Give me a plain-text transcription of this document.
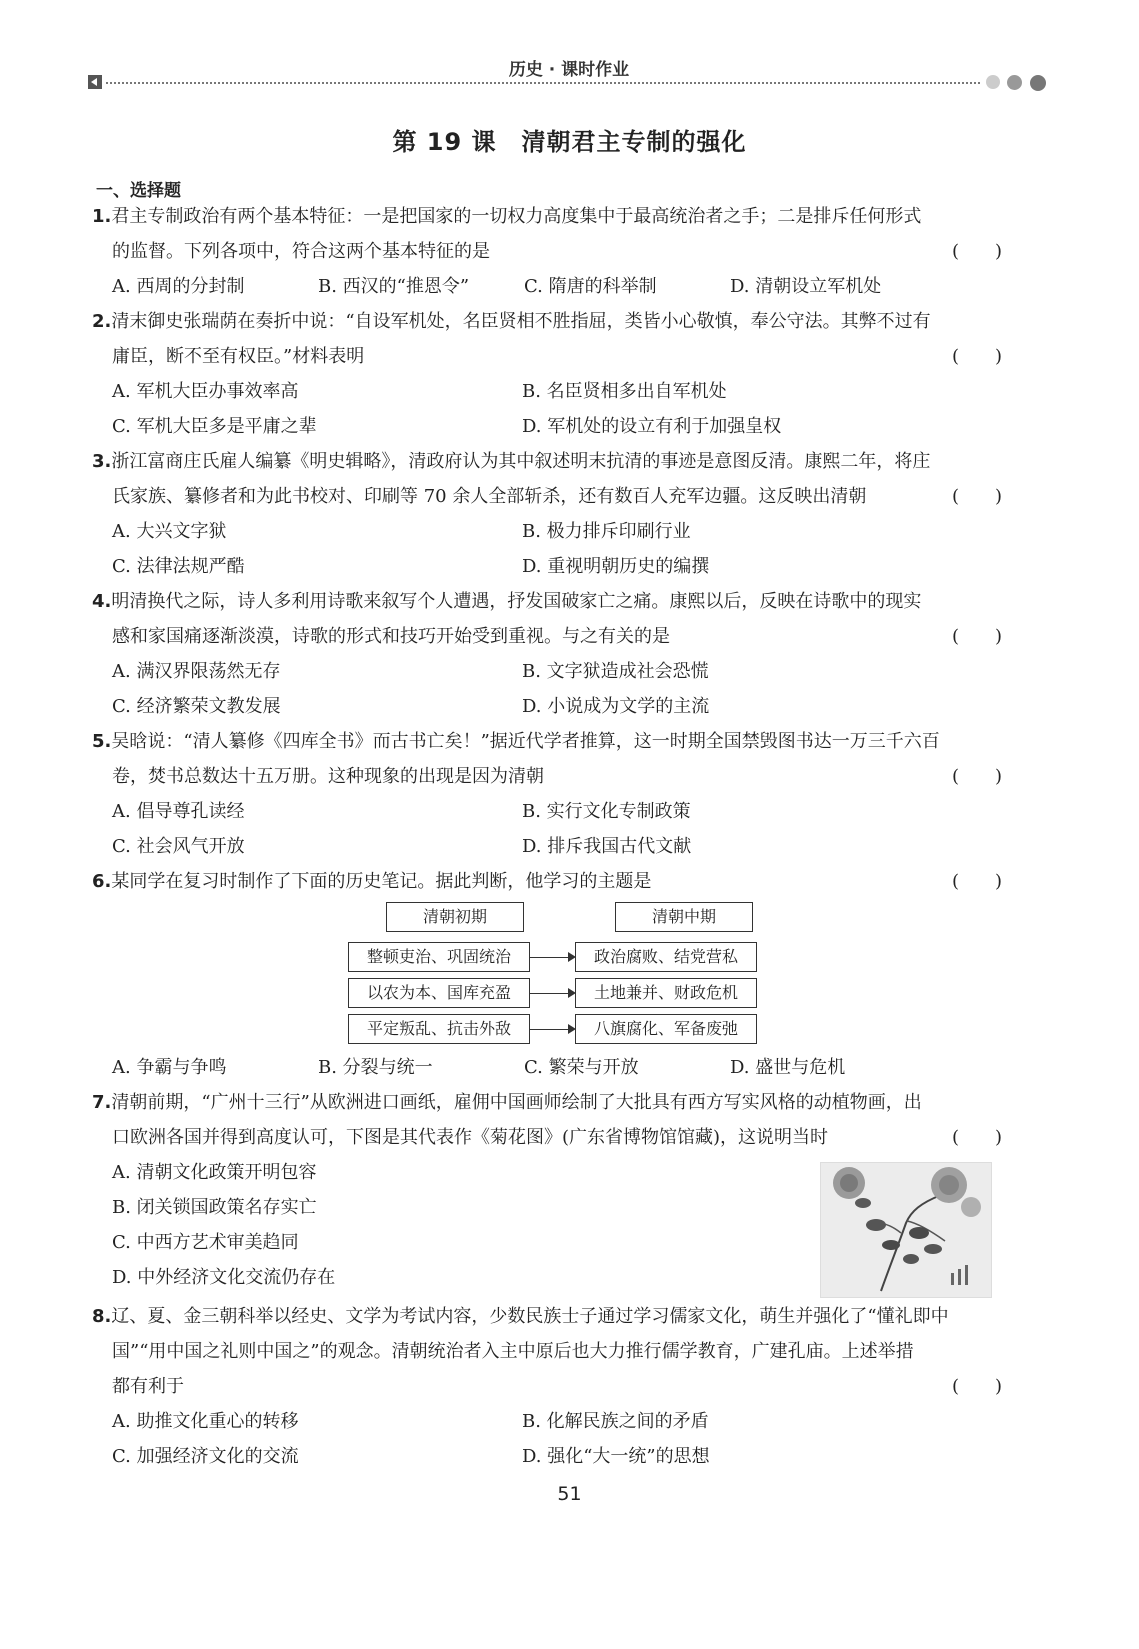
历史 · 课时作业
第 19 课　清朝君主专制的强化
一、选择题
1.君主专制政治有两个基本特征：一是把国家的一切权力高度集中于最高统治者之手；二是排斥任何形式
的监督。下列各项中，符合这两个基本特征的是	(　　)
A. 西周的分封制	B. 西汉的“推恩令”	C. 隋唐的科举制	D. 清朝设立军机处
2.清末御史张瑞荫在奏折中说：“自设军机处，名臣贤相不胜指屈，类皆小心敬慎，奉公守法。其弊不过有
庸臣，断不至有权臣。”材料表明	(　　)
A. 军机大臣办事效率高	B. 名臣贤相多出自军机处
C. 军机大臣多是平庸之辈	D. 军机处的设立有利于加强皇权
3.浙江富商庄氏雇人编纂《明史辑略》，清政府认为其中叙述明末抗清的事迹是意图反清。康熙二年，将庄
氏家族、纂修者和为此书校对、印刷等 70 余人全部斩杀，还有数百人充军边疆。这反映出清朝	(　　)
A. 大兴文字狱	B. 极力排斥印刷行业
C. 法律法规严酷	D. 重视明朝历史的编撰
4.明清换代之际，诗人多利用诗歌来叙写个人遭遇，抒发国破家亡之痛。康熙以后，反映在诗歌中的现实
感和家国痛逐渐淡漠，诗歌的形式和技巧开始受到重视。与之有关的是	(　　)
A. 满汉界限荡然无存	B. 文字狱造成社会恐慌
C. 经济繁荣文教发展	D. 小说成为文学的主流
5.吴晗说：“清人纂修《四库全书》而古书亡矣！”据近代学者推算，这一时期全国禁毁图书达一万三千六百
卷，焚书总数达十五万册。这种现象的出现是因为清朝	(　　)
A. 倡导尊孔读经	B. 实行文化专制政策
C. 社会风气开放	D. 排斥我国古代文献
6.某同学在复习时制作了下面的历史笔记。据此判断，他学习的主题是	(　　)
清朝初期	清朝中期
整顿吏治、巩固统治	政治腐败、结党营私
以农为本、国库充盈	土地兼并、财政危机
平定叛乱、抗击外敌	八旗腐化、军备废弛
A. 争霸与争鸣	B. 分裂与统一	C. 繁荣与开放	D. 盛世与危机
7.清朝前期，“广州十三行”从欧洲进口画纸，雇佣中国画师绘制了大批具有西方写实风格的动植物画，出
口欧洲各国并得到高度认可，下图是其代表作《菊花图》(广东省博物馆馆藏)，这说明当时	(　　)
A. 清朝文化政策开明包容
B. 闭关锁国政策名存实亡
C. 中西方艺术审美趋同
D. 中外经济文化交流仍存在
8.辽、夏、金三朝科举以经史、文学为考试内容，少数民族士子通过学习儒家文化，萌生并强化了“懂礼即中
国”“用中国之礼则中国之”的观念。清朝统治者入主中原后也大力推行儒学教育，广建孔庙。上述举措
都有利于	(　　)
A. 助推文化重心的转移	B. 化解民族之间的矛盾
C. 加强经济文化的交流	D. 强化“大一统”的思想
51
